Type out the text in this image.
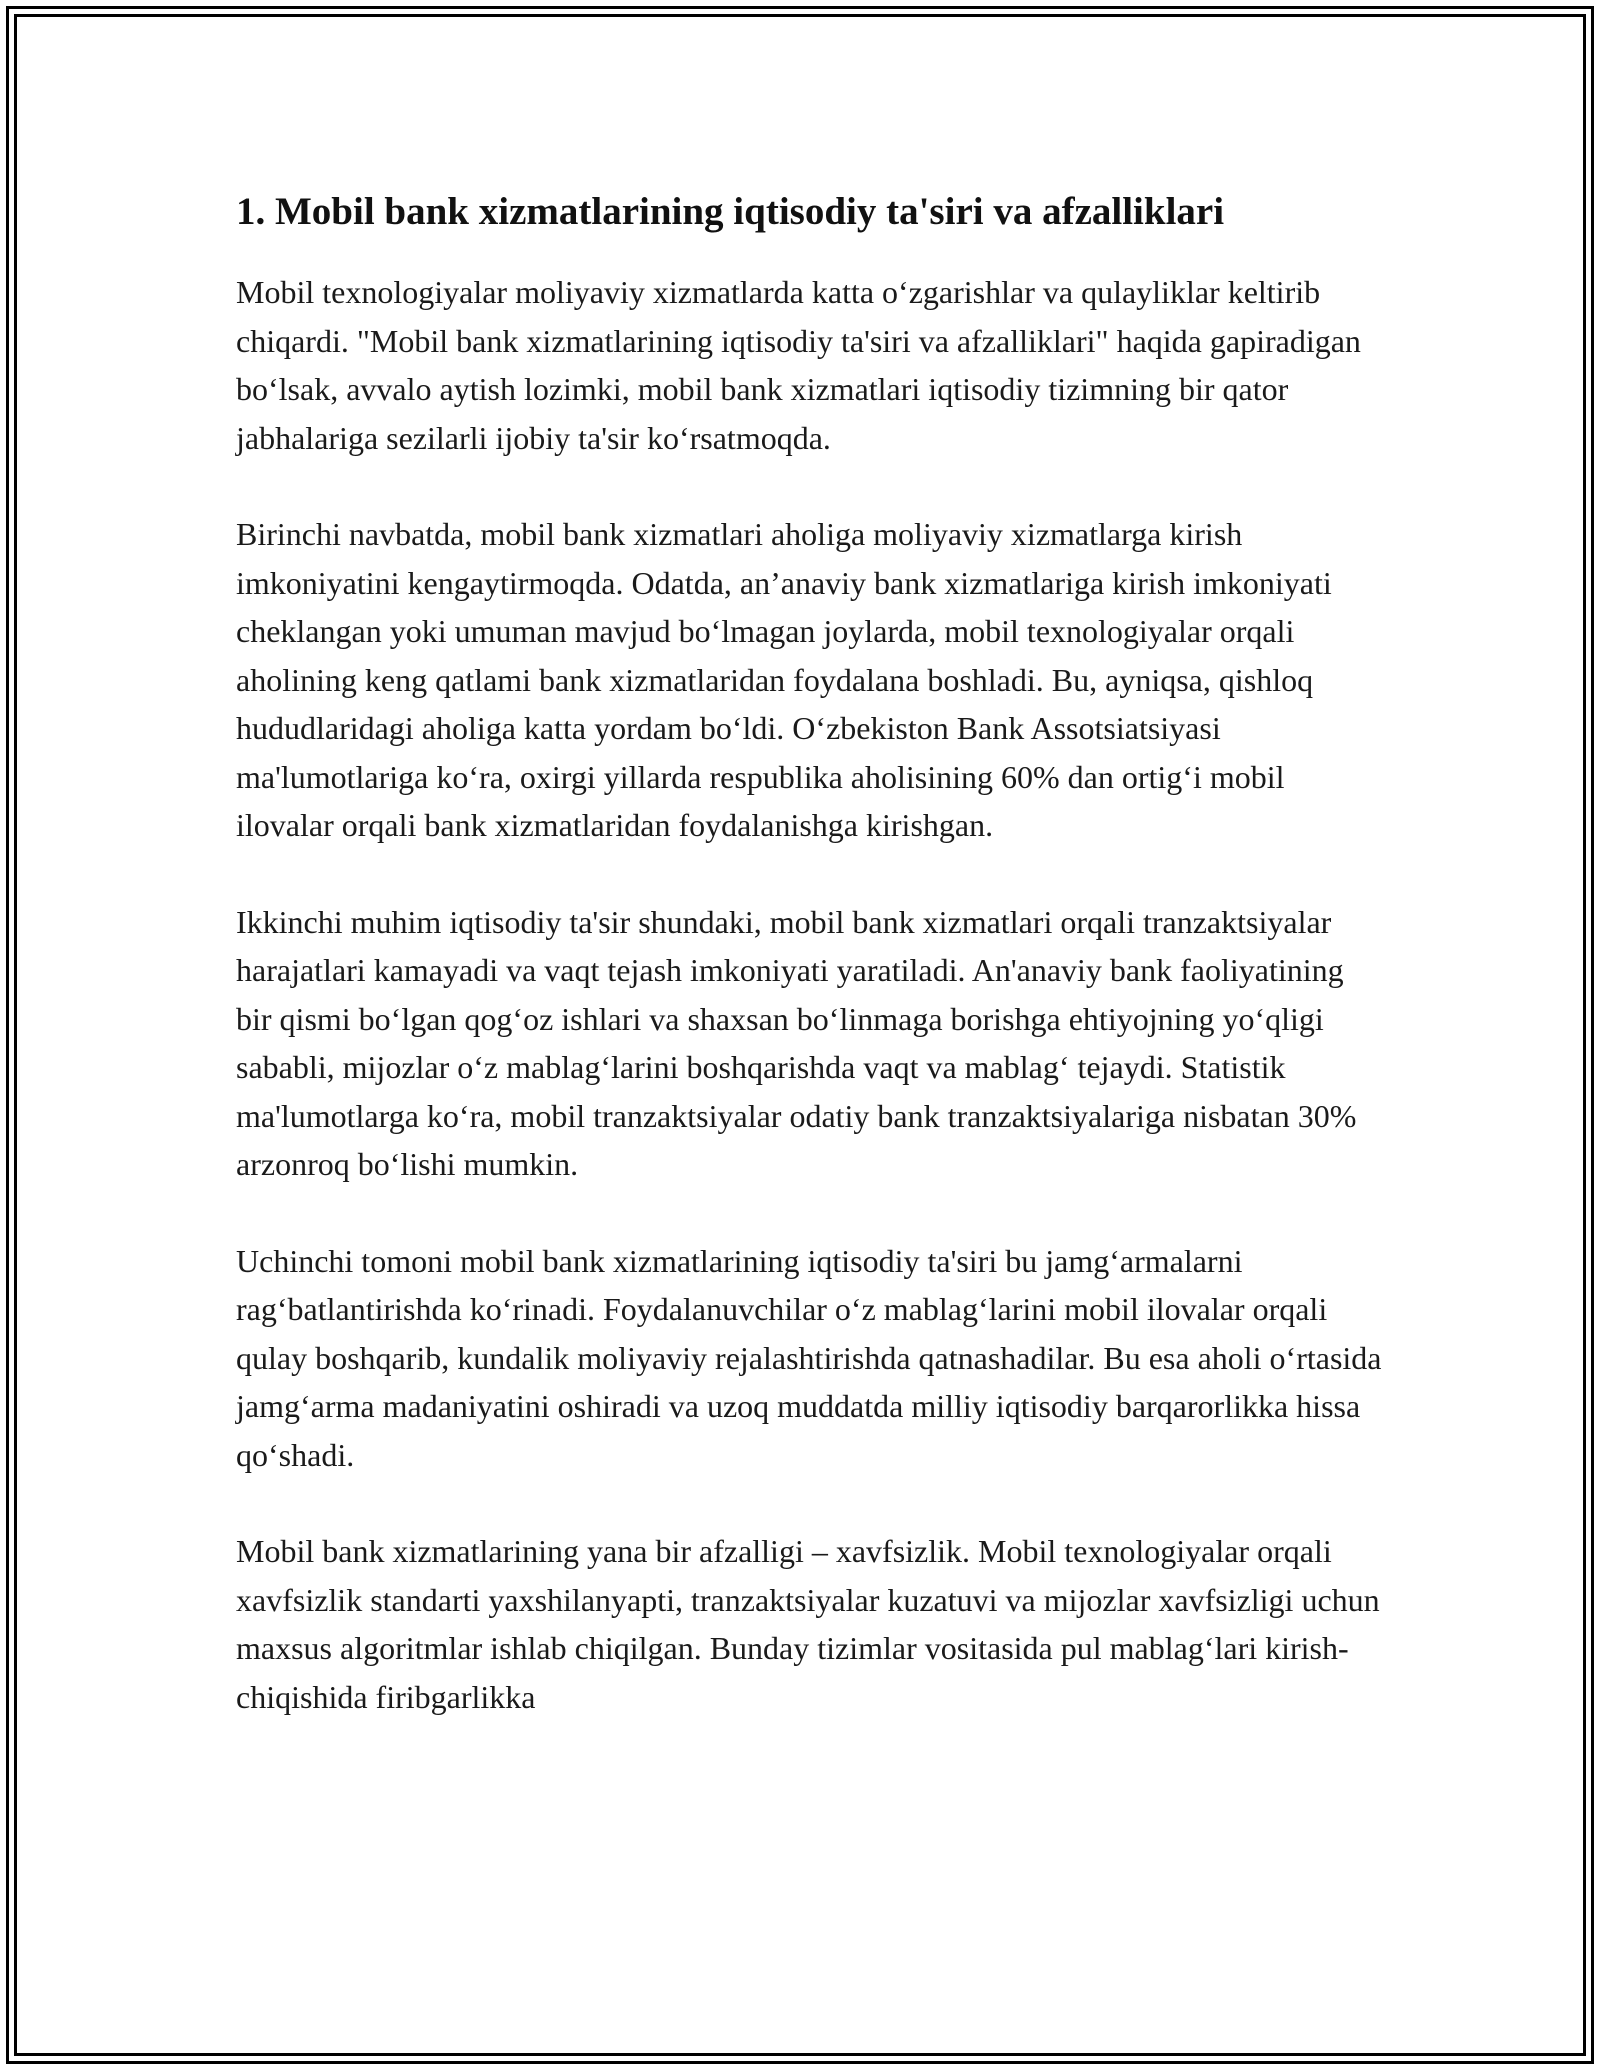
1. Mobil bank xizmatlarining iqtisodiy ta'siri va afzalliklari

Mobil texnologiyalar moliyaviy xizmatlarda katta o‘zgarishlar va qulayliklar keltirib chiqardi. "Mobil bank xizmatlarining iqtisodiy ta'siri va afzalliklari" haqida gapiradigan bo‘lsak, avvalo aytish lozimki, mobil bank xizmatlari iqtisodiy tizimning bir qator jabhalariga sezilarli ijobiy ta'sir ko‘rsatmoqda.

Birinchi navbatda, mobil bank xizmatlari aholiga moliyaviy xizmatlarga kirish imkoniyatini kengaytirmoqda. Odatda, an’anaviy bank xizmatlariga kirish imkoniyati cheklangan yoki umuman mavjud bo‘lmagan joylarda, mobil texnologiyalar orqali aholining keng qatlami bank xizmatlaridan foydalana boshladi. Bu, ayniqsa, qishloq hududlaridagi aholiga katta yordam bo‘ldi. O‘zbekiston Bank Assotsiatsiyasi ma'lumotlariga ko‘ra, oxirgi yillarda respublika aholisining 60% dan ortig‘i mobil ilovalar orqali bank xizmatlaridan foydalanishga kirishgan.

Ikkinchi muhim iqtisodiy ta'sir shundaki, mobil bank xizmatlari orqali tranzaktsiyalar harajatlari kamayadi va vaqt tejash imkoniyati yaratiladi. An'anaviy bank faoliyatining bir qismi bo‘lgan qog‘oz ishlari va shaxsan bo‘linmaga borishga ehtiyojning yo‘qligi sababli, mijozlar o‘z mablag‘larini boshqarishda vaqt va mablag‘ tejaydi. Statistik ma'lumotlarga ko‘ra, mobil tranzaktsiyalar odatiy bank tranzaktsiyalariga nisbatan 30% arzonroq bo‘lishi mumkin.

Uchinchi tomoni mobil bank xizmatlarining iqtisodiy ta'siri bu jamg‘armalarni rag‘batlantirishda ko‘rinadi. Foydalanuvchilar o‘z mablag‘larini mobil ilovalar orqali qulay boshqarib, kundalik moliyaviy rejalashtirishda qatnashadilar. Bu esa aholi o‘rtasida jamg‘arma madaniyatini oshiradi va uzoq muddatda milliy iqtisodiy barqarorlikka hissa qo‘shadi.

Mobil bank xizmatlarining yana bir afzalligi – xavfsizlik. Mobil texnologiyalar orqali xavfsizlik standarti yaxshilanyapti, tranzaktsiyalar kuzatuvi va mijozlar xavfsizligi uchun maxsus algoritmlar ishlab chiqilgan. Bunday tizimlar vositasida pul mablag‘lari kirish-chiqishida firibgarlikka
